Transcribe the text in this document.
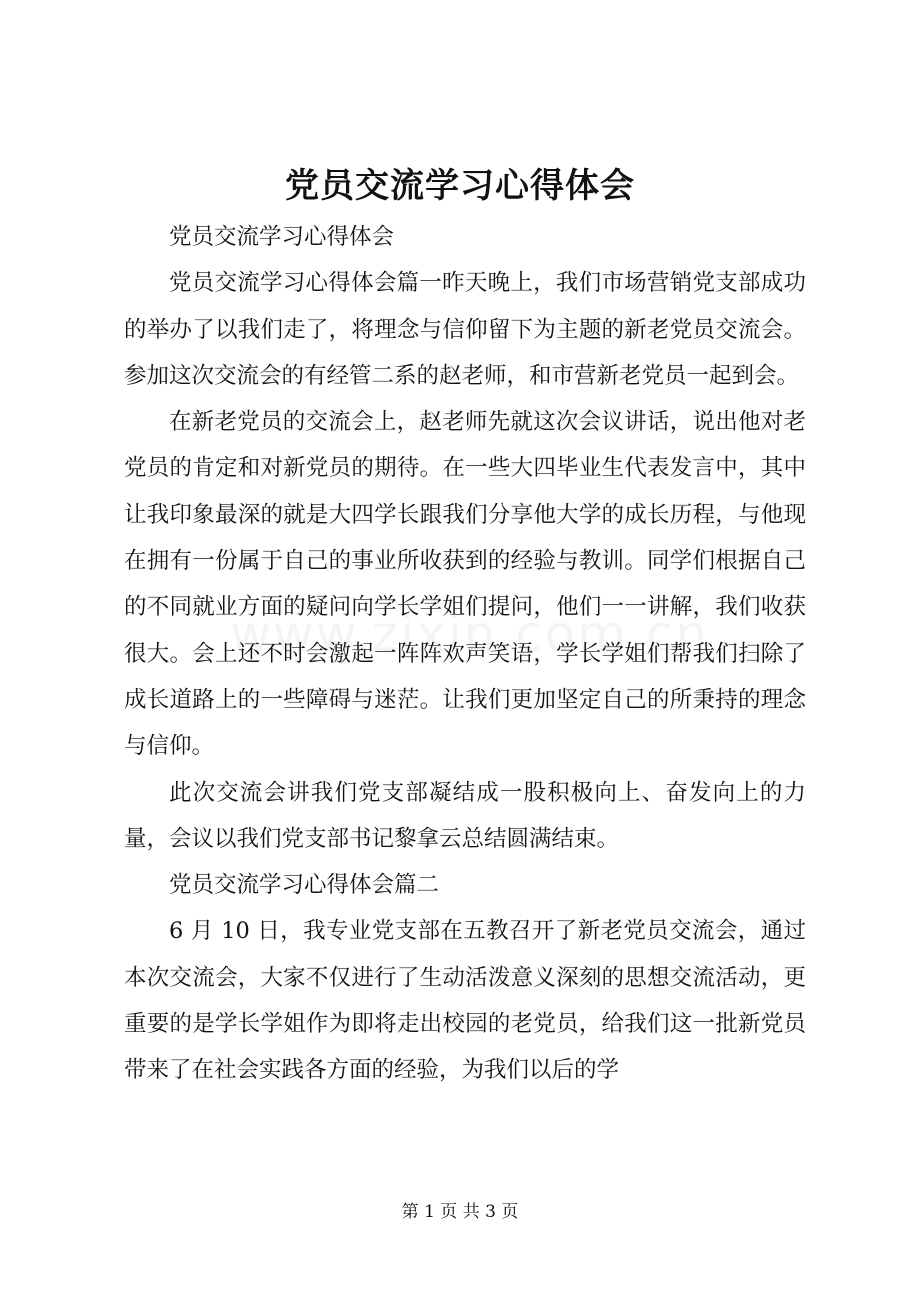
党员交流学习心得体会

党员交流学习心得体会

党员交流学习心得体会篇一昨天晚上，我们市场营销党支部成功的举办了以我们走了，将理念与信仰留下为主题的新老党员交流会。参加这次交流会的有经管二系的赵老师，和市营新老党员一起到会。

在新老党员的交流会上，赵老师先就这次会议讲话，说出他对老党员的肯定和对新党员的期待。在一些大四毕业生代表发言中，其中让我印象最深的就是大四学长跟我们分享他大学的成长历程，与他现在拥有一份属于自己的事业所收获到的经验与教训。同学们根据自己的不同就业方面的疑问向学长学姐们提问，他们一一讲解，我们收获很大。会上还不时会激起一阵阵欢声笑语，学长学姐们帮我们扫除了成长道路上的一些障碍与迷茫。让我们更加坚定自己的所秉持的理念与信仰。

此次交流会讲我们党支部凝结成一股积极向上、奋发向上的力量，会议以我们党支部书记黎拿云总结圆满结束。

党员交流学习心得体会篇二

6 月 10 日，我专业党支部在五教召开了新老党员交流会，通过本次交流会，大家不仅进行了生动活泼意义深刻的思想交流活动，更重要的是学长学姐作为即将走出校园的老党员，给我们这一批新党员带来了在社会实践各方面的经验，为我们以后的学

第 1 页 共 3 页
